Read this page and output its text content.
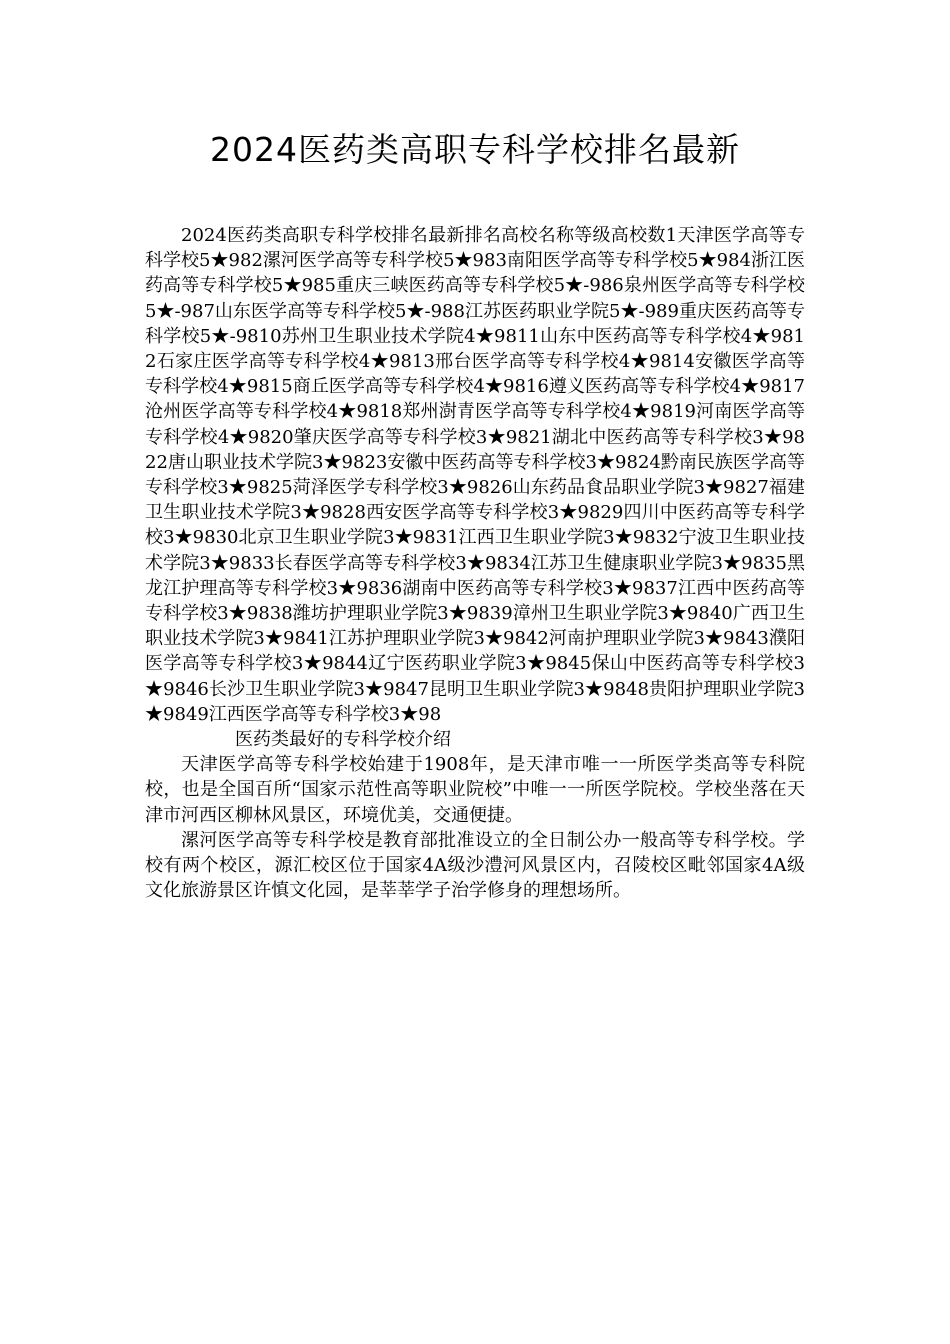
2024医药类高职专科学校排名最新

2024医药类高职专科学校排名最新排名高校名称等级高校数1天津医学高等专科学校5★982漯河医学高等专科学校5★983南阳医学高等专科学校5★984浙江医药高等专科学校5★985重庆三峡医药高等专科学校5★-986泉州医学高等专科学校5★-987山东医学高等专科学校5★-988江苏医药职业学院5★-989重庆医药高等专科学校5★-9810苏州卫生职业技术学院4★9811山东中医药高等专科学校4★9812石家庄医学高等专科学校4★9813邢台医学高等专科学校4★9814安徽医学高等专科学校4★9815商丘医学高等专科学校4★9816遵义医药高等专科学校4★9817沧州医学高等专科学校4★9818郑州澍青医学高等专科学校4★9819河南医学高等专科学校4★9820肇庆医学高等专科学校3★9821湖北中医药高等专科学校3★9822唐山职业技术学院3★9823安徽中医药高等专科学校3★9824黔南民族医学高等专科学校3★9825菏泽医学专科学校3★9826山东药品食品职业学院3★9827福建卫生职业技术学院3★9828西安医学高等专科学校3★9829四川中医药高等专科学校3★9830北京卫生职业学院3★9831江西卫生职业学院3★9832宁波卫生职业技术学院3★9833长春医学高等专科学校3★9834江苏卫生健康职业学院3★9835黑龙江护理高等专科学校3★9836湖南中医药高等专科学校3★9837江西中医药高等专科学校3★9838潍坊护理职业学院3★9839漳州卫生职业学院3★9840广西卫生职业技术学院3★9841江苏护理职业学院3★9842河南护理职业学院3★9843濮阳医学高等专科学校3★9844辽宁医药职业学院3★9845保山中医药高等专科学校3★9846长沙卫生职业学院3★9847昆明卫生职业学院3★9848贵阳护理职业学院3★9849江西医学高等专科学校3★98

医药类最好的专科学校介绍

天津医学高等专科学校始建于1908年，是天津市唯一一所医学类高等专科院校，也是全国百所“国家示范性高等职业院校”中唯一一所医学院校。学校坐落在天津市河西区柳林风景区，环境优美，交通便捷。

漯河医学高等专科学校是教育部批准设立的全日制公办一般高等专科学校。学校有两个校区，源汇校区位于国家4A级沙澧河风景区内，召陵校区毗邻国家4A级文化旅游景区许慎文化园，是莘莘学子治学修身的理想场所。
